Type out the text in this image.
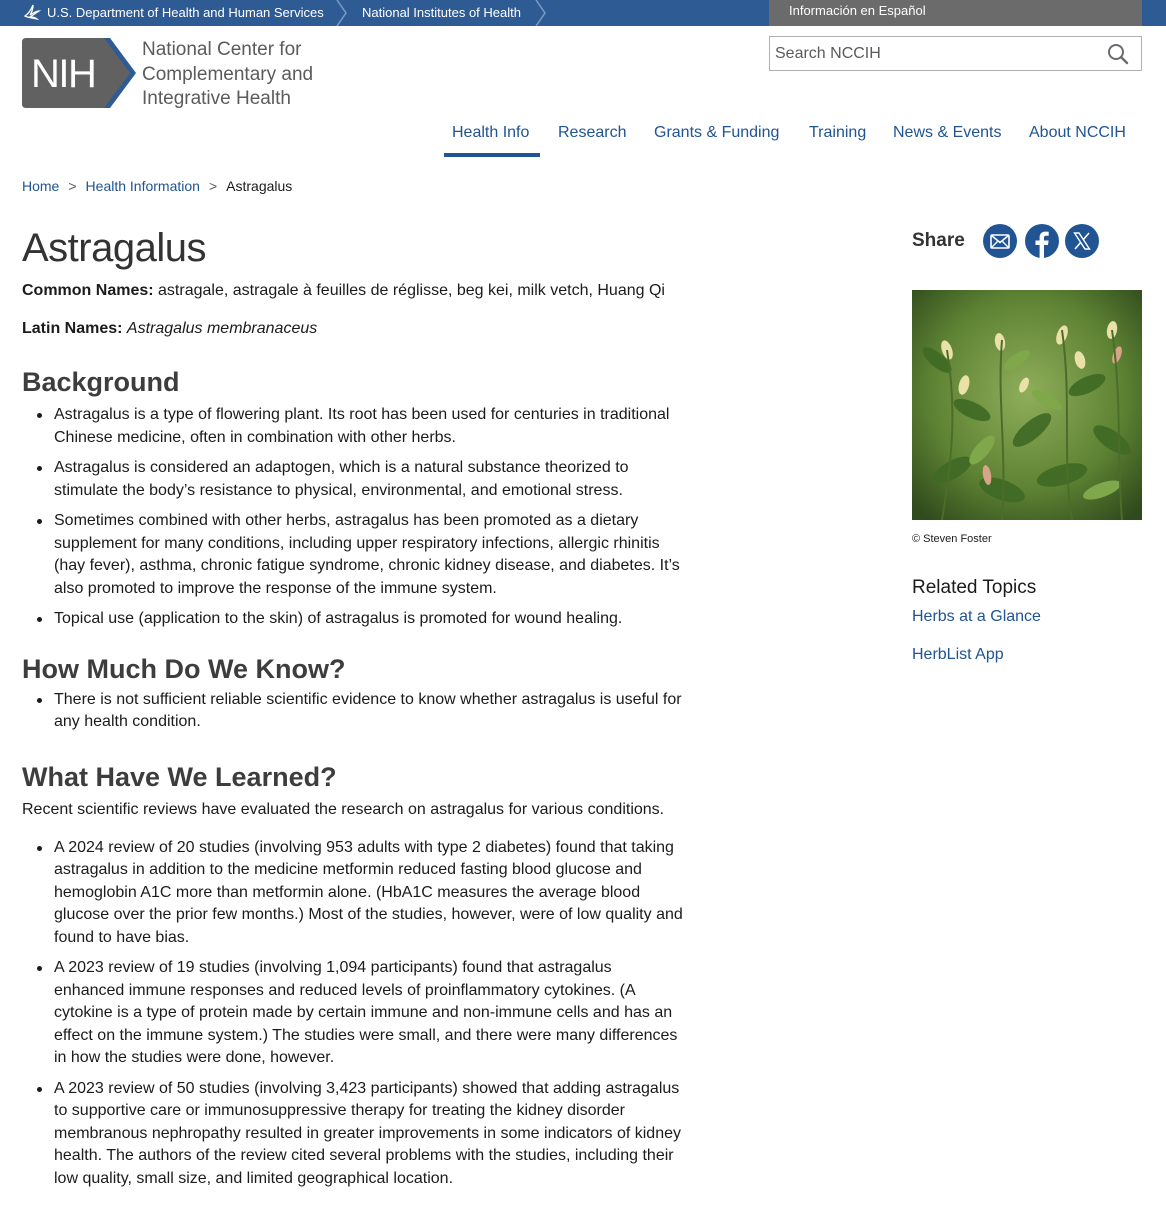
U.S. Department of Health and Human Services	National Institutes of Health	Información en Español
NIH
National Center for
Complementary and
Integrative Health
Search NCCIH
Health Info	Research Grants & Funding Training News & Events About NCCIH
Home > Health Information > Astragalus
Astragalus

Common Names: astragale, astragale à feuilles de réglisse, beg kei, milk vetch, Huang Qi

Latin Names: Astragalus membranaceus

Background
Astragalus is a type of flowering plant. Its root has been used for centuries in traditional Chinese medicine, often in combination with other herbs.
Astragalus is considered an adaptogen, which is a natural substance theorized to stimulate the body’s resistance to physical, environmental, and emotional stress.
Sometimes combined with other herbs, astragalus has been promoted as a dietary supplement for many conditions, including upper respiratory infections, allergic rhinitis (hay fever), asthma, chronic fatigue syndrome, chronic kidney disease, and diabetes. It’s also promoted to improve the response of the immune system.
Topical use (application to the skin) of astragalus is promoted for wound healing.
How Much Do We Know?
There is not sufficient reliable scientific evidence to know whether astragalus is useful for any health condition.
What Have We Learned?

Recent scientific reviews have evaluated the research on astragalus for various conditions.

A 2024 review of 20 studies (involving 953 adults with type 2 diabetes) found that taking astragalus in addition to the medicine metformin reduced fasting blood glucose and hemoglobin A1C more than metformin alone. (HbA1C measures the average blood glucose over the prior few months.) Most of the studies, however, were of low quality and found to have bias.
A 2023 review of 19 studies (involving 1,094 participants) found that astragalus enhanced immune responses and reduced levels of proinflammatory cytokines. (A cytokine is a type of protein made by certain immune and non-immune cells and has an effect on the immune system.) The studies were small, and there were many differences in how the studies were done, however.
A 2023 review of 50 studies (involving 3,423 participants) showed that adding astragalus to supportive care or immunosuppressive therapy for treating the kidney disorder membranous nephropathy resulted in greater improvements in some indicators of kidney health. The authors of the review cited several problems with the studies, including their low quality, small size, and limited geographical location.
Share
© Steven Foster
Related Topics
Herbs at a Glance
HerbList App
